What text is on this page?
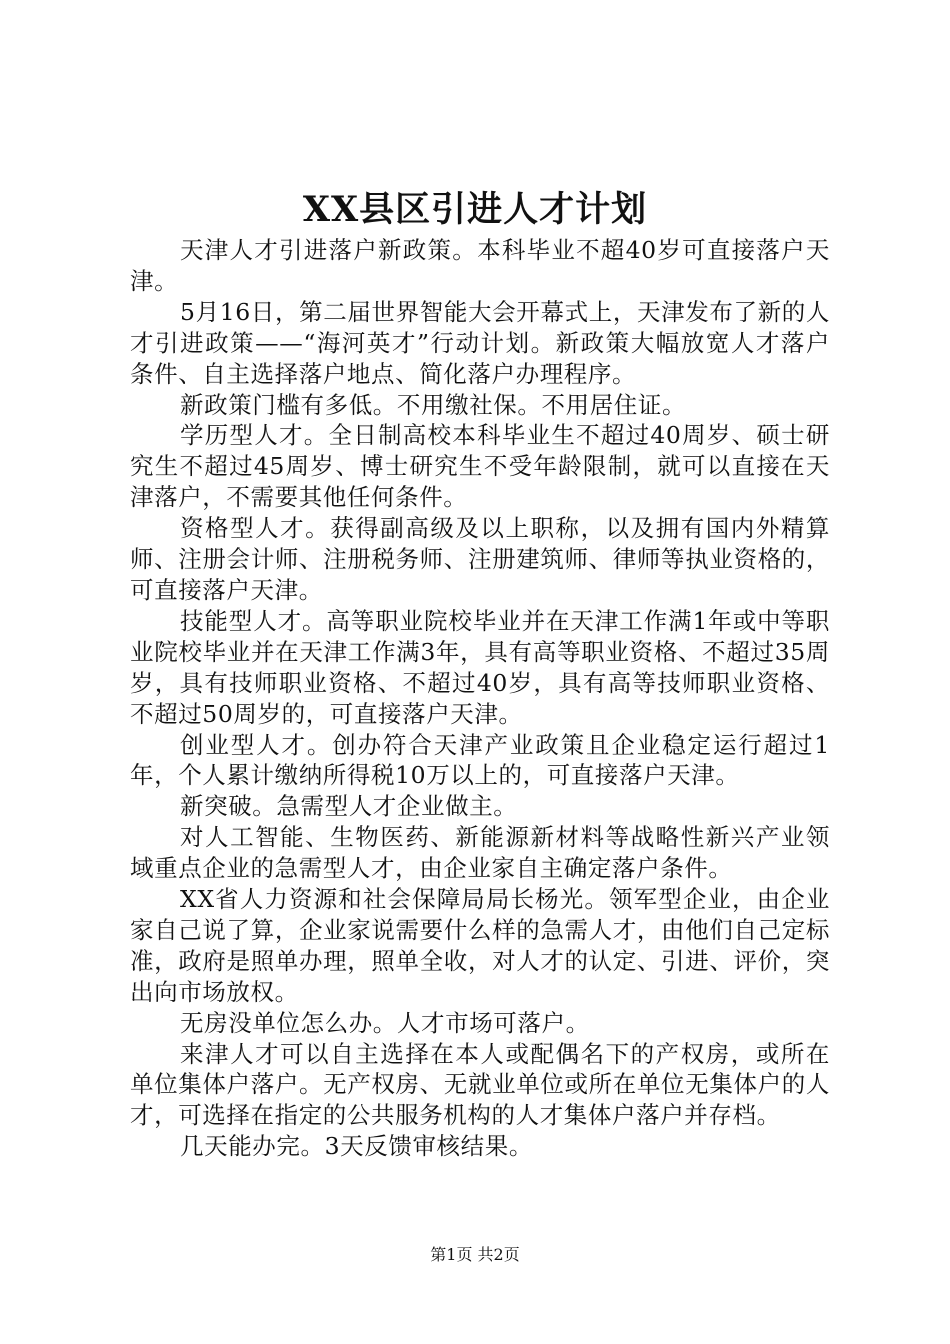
XX县区引进人才计划

天津人才引进落户新政策。本科毕业不超40岁可直接落户天津。

5月16日，第二届世界智能大会开幕式上，天津发布了新的人才引进政策——“海河英才”行动计划。新政策大幅放宽人才落户条件、自主选择落户地点、简化落户办理程序。

新政策门槛有多低。不用缴社保。不用居住证。

学历型人才。全日制高校本科毕业生不超过40周岁、硕士研究生不超过45周岁、博士研究生不受年龄限制，就可以直接在天津落户，不需要其他任何条件。

资格型人才。获得副高级及以上职称，以及拥有国内外精算师、注册会计师、注册税务师、注册建筑师、律师等执业资格的，可直接落户天津。

技能型人才。高等职业院校毕业并在天津工作满1年或中等职业院校毕业并在天津工作满3年，具有高等职业资格、不超过35周岁，具有技师职业资格、不超过40岁，具有高等技师职业资格、不超过50周岁的，可直接落户天津。

创业型人才。创办符合天津产业政策且企业稳定运行超过1年，个人累计缴纳所得税10万以上的，可直接落户天津。

新突破。急需型人才企业做主。

对人工智能、生物医药、新能源新材料等战略性新兴产业领域重点企业的急需型人才，由企业家自主确定落户条件。

XX省人力资源和社会保障局局长杨光。领军型企业，由企业家自己说了算，企业家说需要什么样的急需人才，由他们自己定标准，政府是照单办理，照单全收，对人才的认定、引进、评价，突出向市场放权。

无房没单位怎么办。人才市场可落户。

来津人才可以自主选择在本人或配偶名下的产权房，或所在单位集体户落户。无产权房、无就业单位或所在单位无集体户的人才，可选择在指定的公共服务机构的人才集体户落户并存档。

几天能办完。3天反馈审核结果。

第1页 共2页
